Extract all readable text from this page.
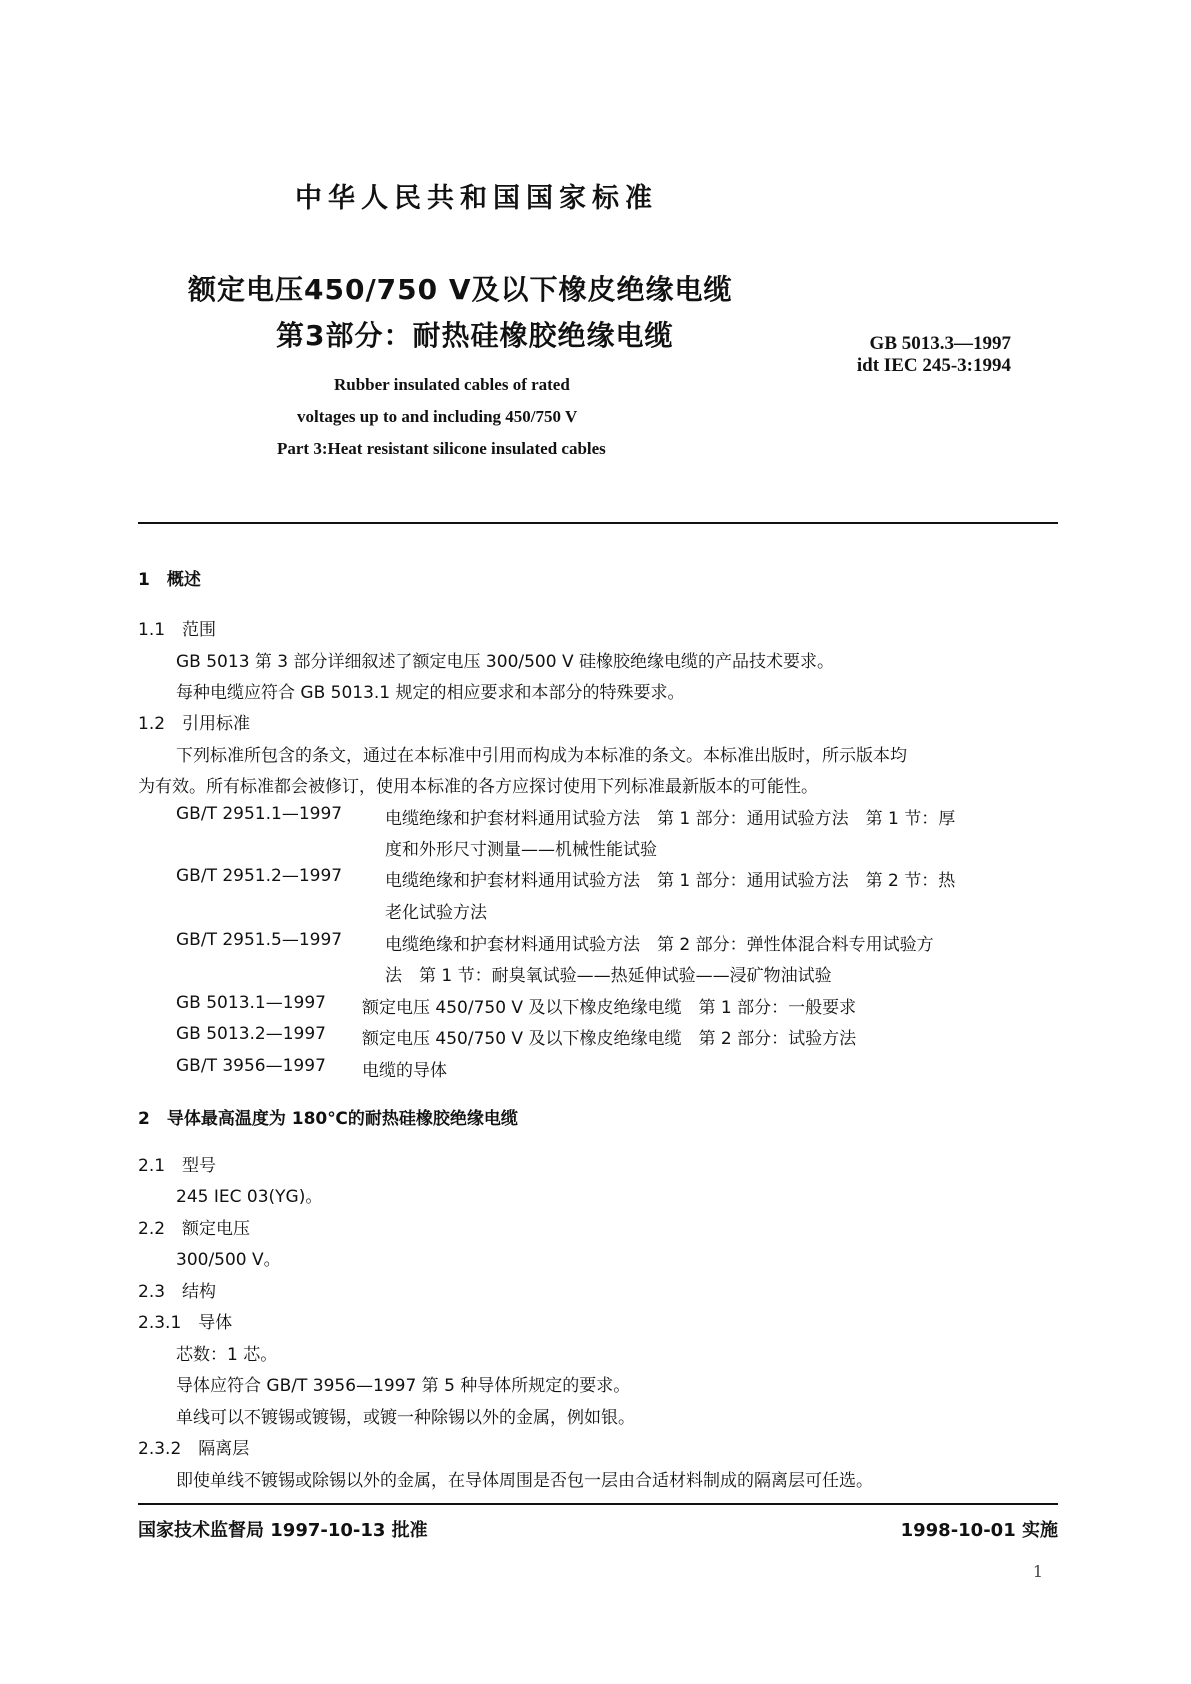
中华人民共和国国家标准
额定电压450/750 V及以下橡皮绝缘电缆
第3部分：耐热硅橡胶绝缘电缆	GB 5013.3—1997
idt IEC 245-3:1994
Rubber insulated cables of rated
voltages up to and including 450/750 V
Part 3:Heat resistant silicone insulated cables
1　概述
1.1　范围
GB 5013 第 3 部分详细叙述了额定电压 300/500 V 硅橡胶绝缘电缆的产品技术要求。
每种电缆应符合 GB 5013.1 规定的相应要求和本部分的特殊要求。
1.2　引用标准
下列标准所包含的条文，通过在本标准中引用而构成为本标准的条文。本标准出版时，所示版本均
为有效。所有标准都会被修订，使用本标准的各方应探讨使用下列标准最新版本的可能性。
GB/T 2951.1—1997	电缆绝缘和护套材料通用试验方法　第 1 部分：通用试验方法　第 1 节：厚
度和外形尺寸测量——机械性能试验
GB/T 2951.2—1997	电缆绝缘和护套材料通用试验方法　第 1 部分：通用试验方法　第 2 节：热
老化试验方法
GB/T 2951.5—1997	电缆绝缘和护套材料通用试验方法　第 2 部分：弹性体混合料专用试验方
法　第 1 节：耐臭氧试验——热延伸试验——浸矿物油试验
GB 5013.1—1997 额定电压 450/750 V 及以下橡皮绝缘电缆　第 1 部分：一般要求
GB 5013.2—1997 额定电压 450/750 V 及以下橡皮绝缘电缆　第 2 部分：试验方法
GB/T 3956—1997 电缆的导体
2　导体最高温度为 180℃的耐热硅橡胶绝缘电缆
2.1　型号
245 IEC 03(YG)。
2.2　额定电压
300/500 V。
2.3　结构
2.3.1　导体
芯数：1 芯。
导体应符合 GB/T 3956—1997 第 5 种导体所规定的要求。
单线可以不镀锡或镀锡，或镀一种除锡以外的金属，例如银。
2.3.2　隔离层
即使单线不镀锡或除锡以外的金属，在导体周围是否包一层由合适材料制成的隔离层可任选。
国家技术监督局 1997-10-13 批准	1998-10-01 实施
1
